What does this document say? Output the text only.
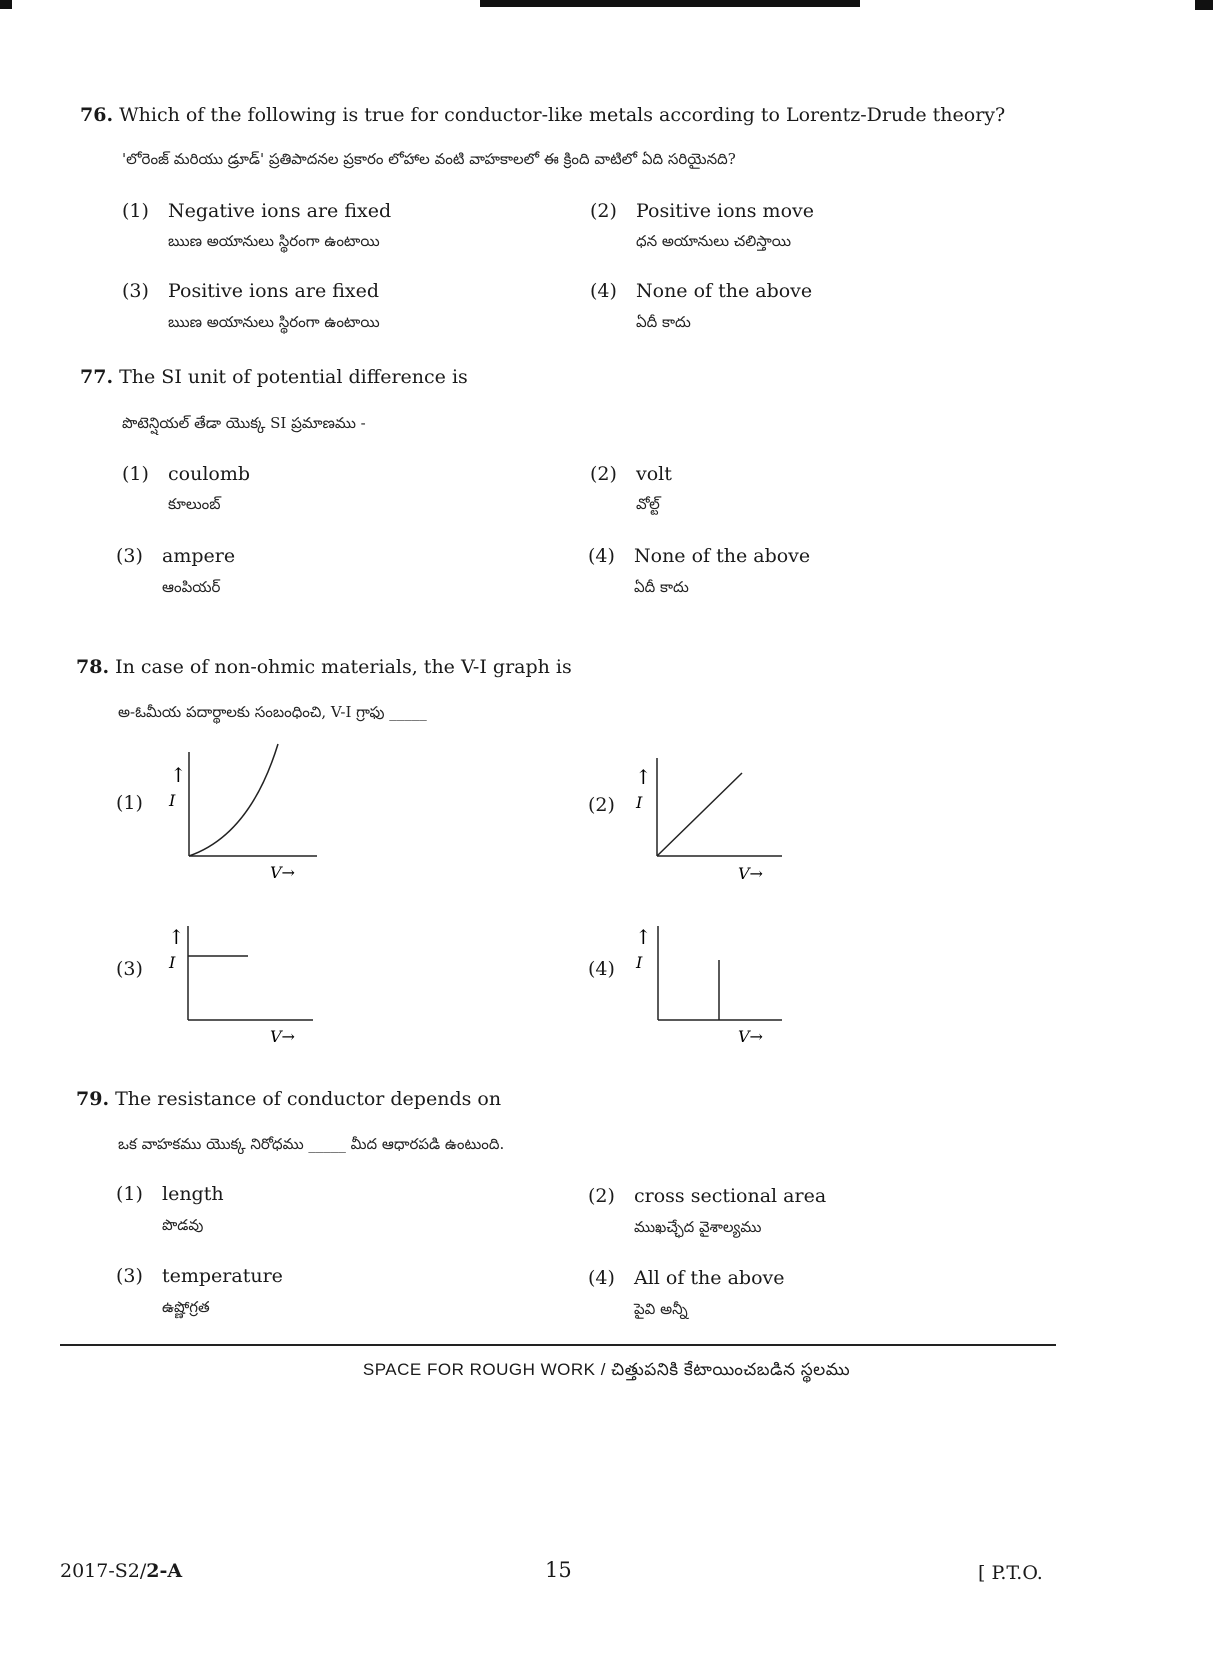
76. Which of the following is true for conductor-like metals according to Lorentz-Drude theory?
'లోరెంజ్ మరియు డ్రూడ్' ప్రతిపాదనల ప్రకారం లోహాల వంటి వాహకాలలో ఈ క్రింది వాటిలో ఏది సరియైనది?
(1) Negative ions are fixed
ఋణ అయానులు స్థిరంగా ఉంటాయి
(2) Positive ions move
ధన అయానులు చలిస్తాయి
(3) Positive ions are fixed
ఋణ అయానులు స్థిరంగా ఉంటాయి
(4) None of the above
ఏదీ కాదు
77. The SI unit of potential difference is
పొటెన్షియల్ తేడా యొక్క SI ప్రమాణము -
(1) coulomb
కూలుంబ్
(2) volt
వోల్ట్
(3) ampere
ఆంపియర్
(4) None of the above
ఏదీ కాదు
78. In case of non-ohmic materials, the V-I graph is
అ-ఓమీయ పదార్థాలకు సంబంధించి, V-I గ్రాఫు _____
(1)
↑
I
V→
(2)
↑
I
V→
(3)
↑
I
V→
(4)
↑
I
V→
79. The resistance of conductor depends on
ఒక వాహకము యొక్క నిరోధము _____ మీద ఆధారపడి ఉంటుంది.
(1) length
పొడవు
(2) cross sectional area
ముఖచ్ఛేద వైశాల్యము
(3) temperature
ఉష్ణోగ్రత
(4) All of the above
పైవి అన్నీ
SPACE FOR ROUGH WORK / చిత్తుపనికి కేటాయించబడిన స్థలము
2017-S2/2-A	15	[ P.T.O.
